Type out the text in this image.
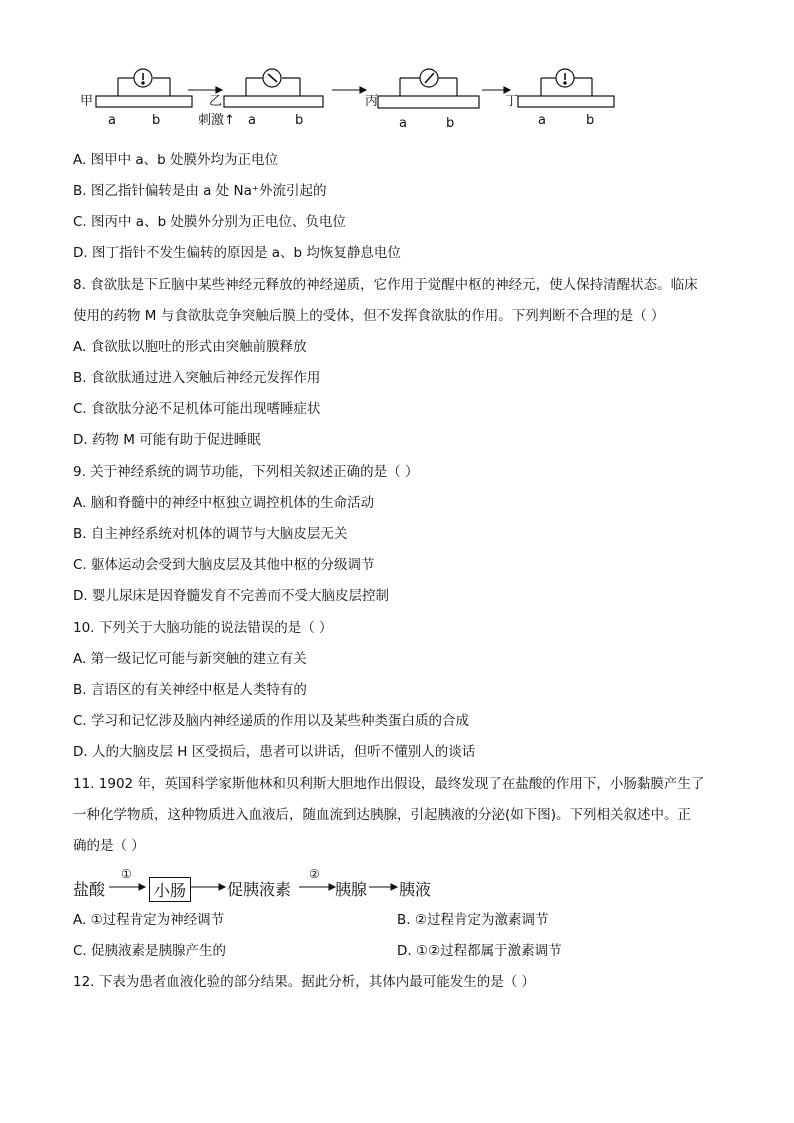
甲	乙	丙	丁
刺激↑
a	b	a	b	a	b	a	b
A. 图甲中 a、b 处膜外均为正电位
B. 图乙指针偏转是由 a 处 Na⁺外流引起的
C. 图丙中 a、b 处膜外分别为正电位、负电位
D. 图丁指针不发生偏转的原因是 a、b 均恢复静息电位
8. 食欲肽是下丘脑中某些神经元释放的神经递质，它作用于觉醒中枢的神经元，使人保持清醒状态。临床
使用的药物 M 与食欲肽竞争突触后膜上的受体，但不发挥食欲肽的作用。下列判断不合理的是（ ）
A. 食欲肽以胞吐的形式由突触前膜释放
B. 食欲肽通过进入突触后神经元发挥作用
C. 食欲肽分泌不足机体可能出现嗜睡症状
D. 药物 M 可能有助于促进睡眠
9. 关于神经系统的调节功能，下列相关叙述正确的是（ ）
A. 脑和脊髓中的神经中枢独立调控机体的生命活动
B. 自主神经系统对机体的调节与大脑皮层无关
C. 躯体运动会受到大脑皮层及其他中枢的分级调节
D. 婴儿尿床是因脊髓发育不完善而不受大脑皮层控制
10. 下列关于大脑功能的说法错误的是（ ）
A. 第一级记忆可能与新突触的建立有关
B. 言语区的有关神经中枢是人类特有的
C. 学习和记忆涉及脑内神经递质的作用以及某些种类蛋白质的合成
D. 人的大脑皮层 H 区受损后，患者可以讲话，但听不懂别人的谈话
11. 1902 年，英国科学家斯他林和贝利斯大胆地作出假设，最终发现了在盐酸的作用下，小肠黏膜产生了
一种化学物质，这种物质进入血液后，随血流到达胰腺，引起胰液的分泌(如下图)。下列相关叙述中。正
确的是（ ）
盐酸
①
小肠	促胰液素
②
胰腺 胰液
A. ①过程肯定为神经调节	B. ②过程肯定为激素调节
C. 促胰液素是胰腺产生的	D. ①②过程都属于激素调节
12. 下表为患者血液化验的部分结果。据此分析，其体内最可能发生的是（ ）
